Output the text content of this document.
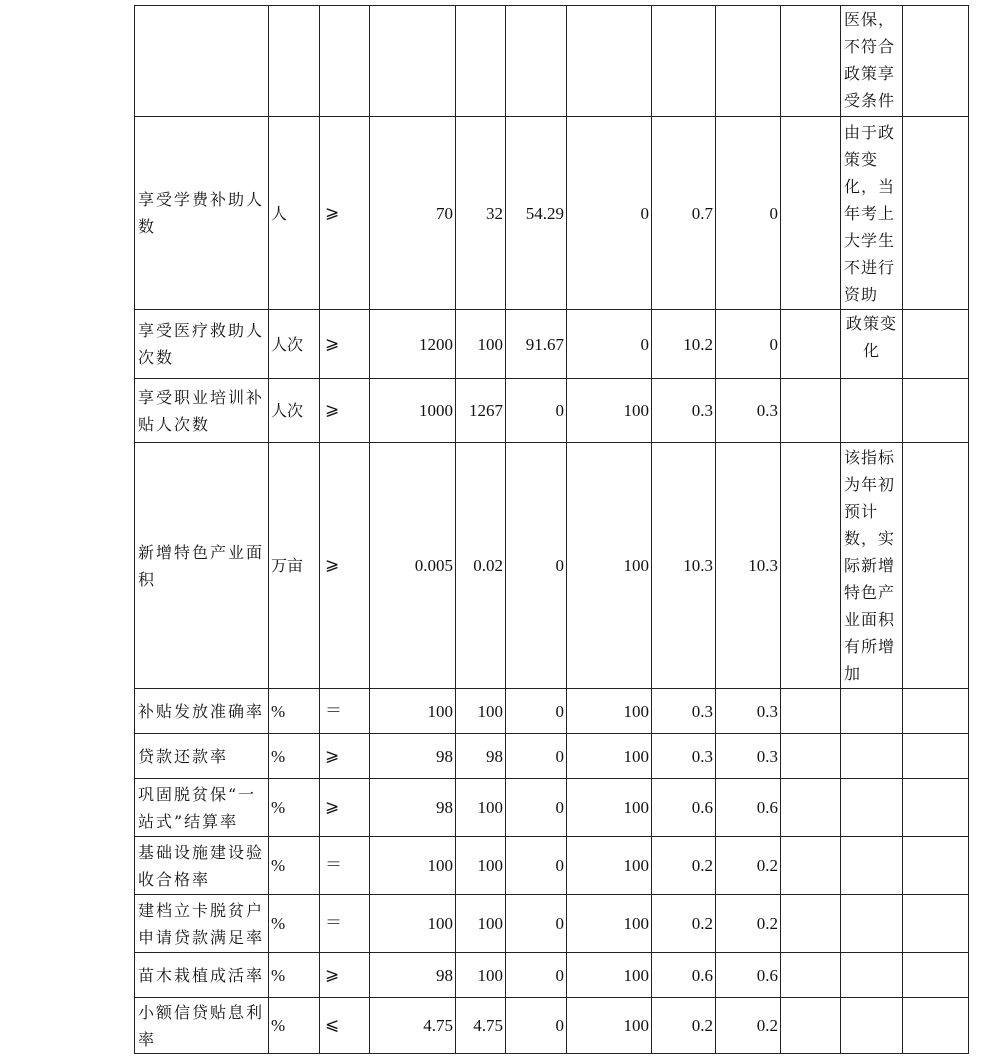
										医保，不符合政策享受条件	

享受学费补助人数	人	⩾	70	32	54.29	0	0.7	0		由于政策变化，当年考上大学生不进行资助	

享受医疗救助人次数	人次	⩾	1200	100	91.67	0	10.2	0		政策变化	

享受职业培训补贴人次数	人次	⩾	1000	1267	0	100	0.3	0.3		

新增特色产业面积	万亩	⩾	0.005	0.02	0	100	10.3	10.3		该指标为年初预计数，实际新增特色产业面积有所增加	

补贴发放准确率	%	＝	100	100	0	100	0.3	0.3		

贷款还款率	%	⩾	98	98	0	100	0.3	0.3		

巩固脱贫保“一站式”结算率	%	⩾	98	100	0	100	0.6	0.6		

基础设施建设验收合格率	%	＝	100	100	0	100	0.2	0.2		

建档立卡脱贫户申请贷款满足率	%	＝	100	100	0	100	0.2	0.2		

苗木栽植成活率	%	⩾	98	100	0	100	0.6	0.6		

小额信贷贴息利率	%	⩽	4.75	4.75	0	100	0.2	0.2		
